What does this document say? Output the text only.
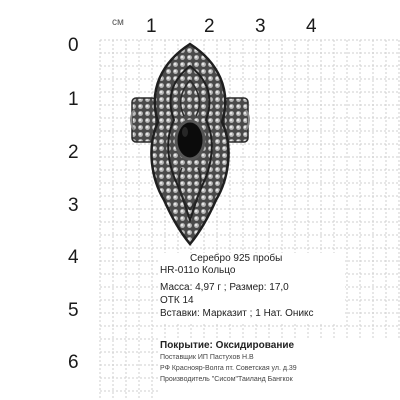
см 1 2 3 4
0
1
2
3
4
5
6
Серебро 925 пробы
HR-011o Кольцо
Масса: 4,97 г ; Размер: 17,0
ОТК 14
Вставки: Марказит ; 1 Нат. Оникс
Покрытие: Оксидирование
Поставщик ИП Пастухов Н.В
РФ Краснояр-Волга пт. Советская ул. д.39
Производитель "Сисом"Таиланд Бангкок
